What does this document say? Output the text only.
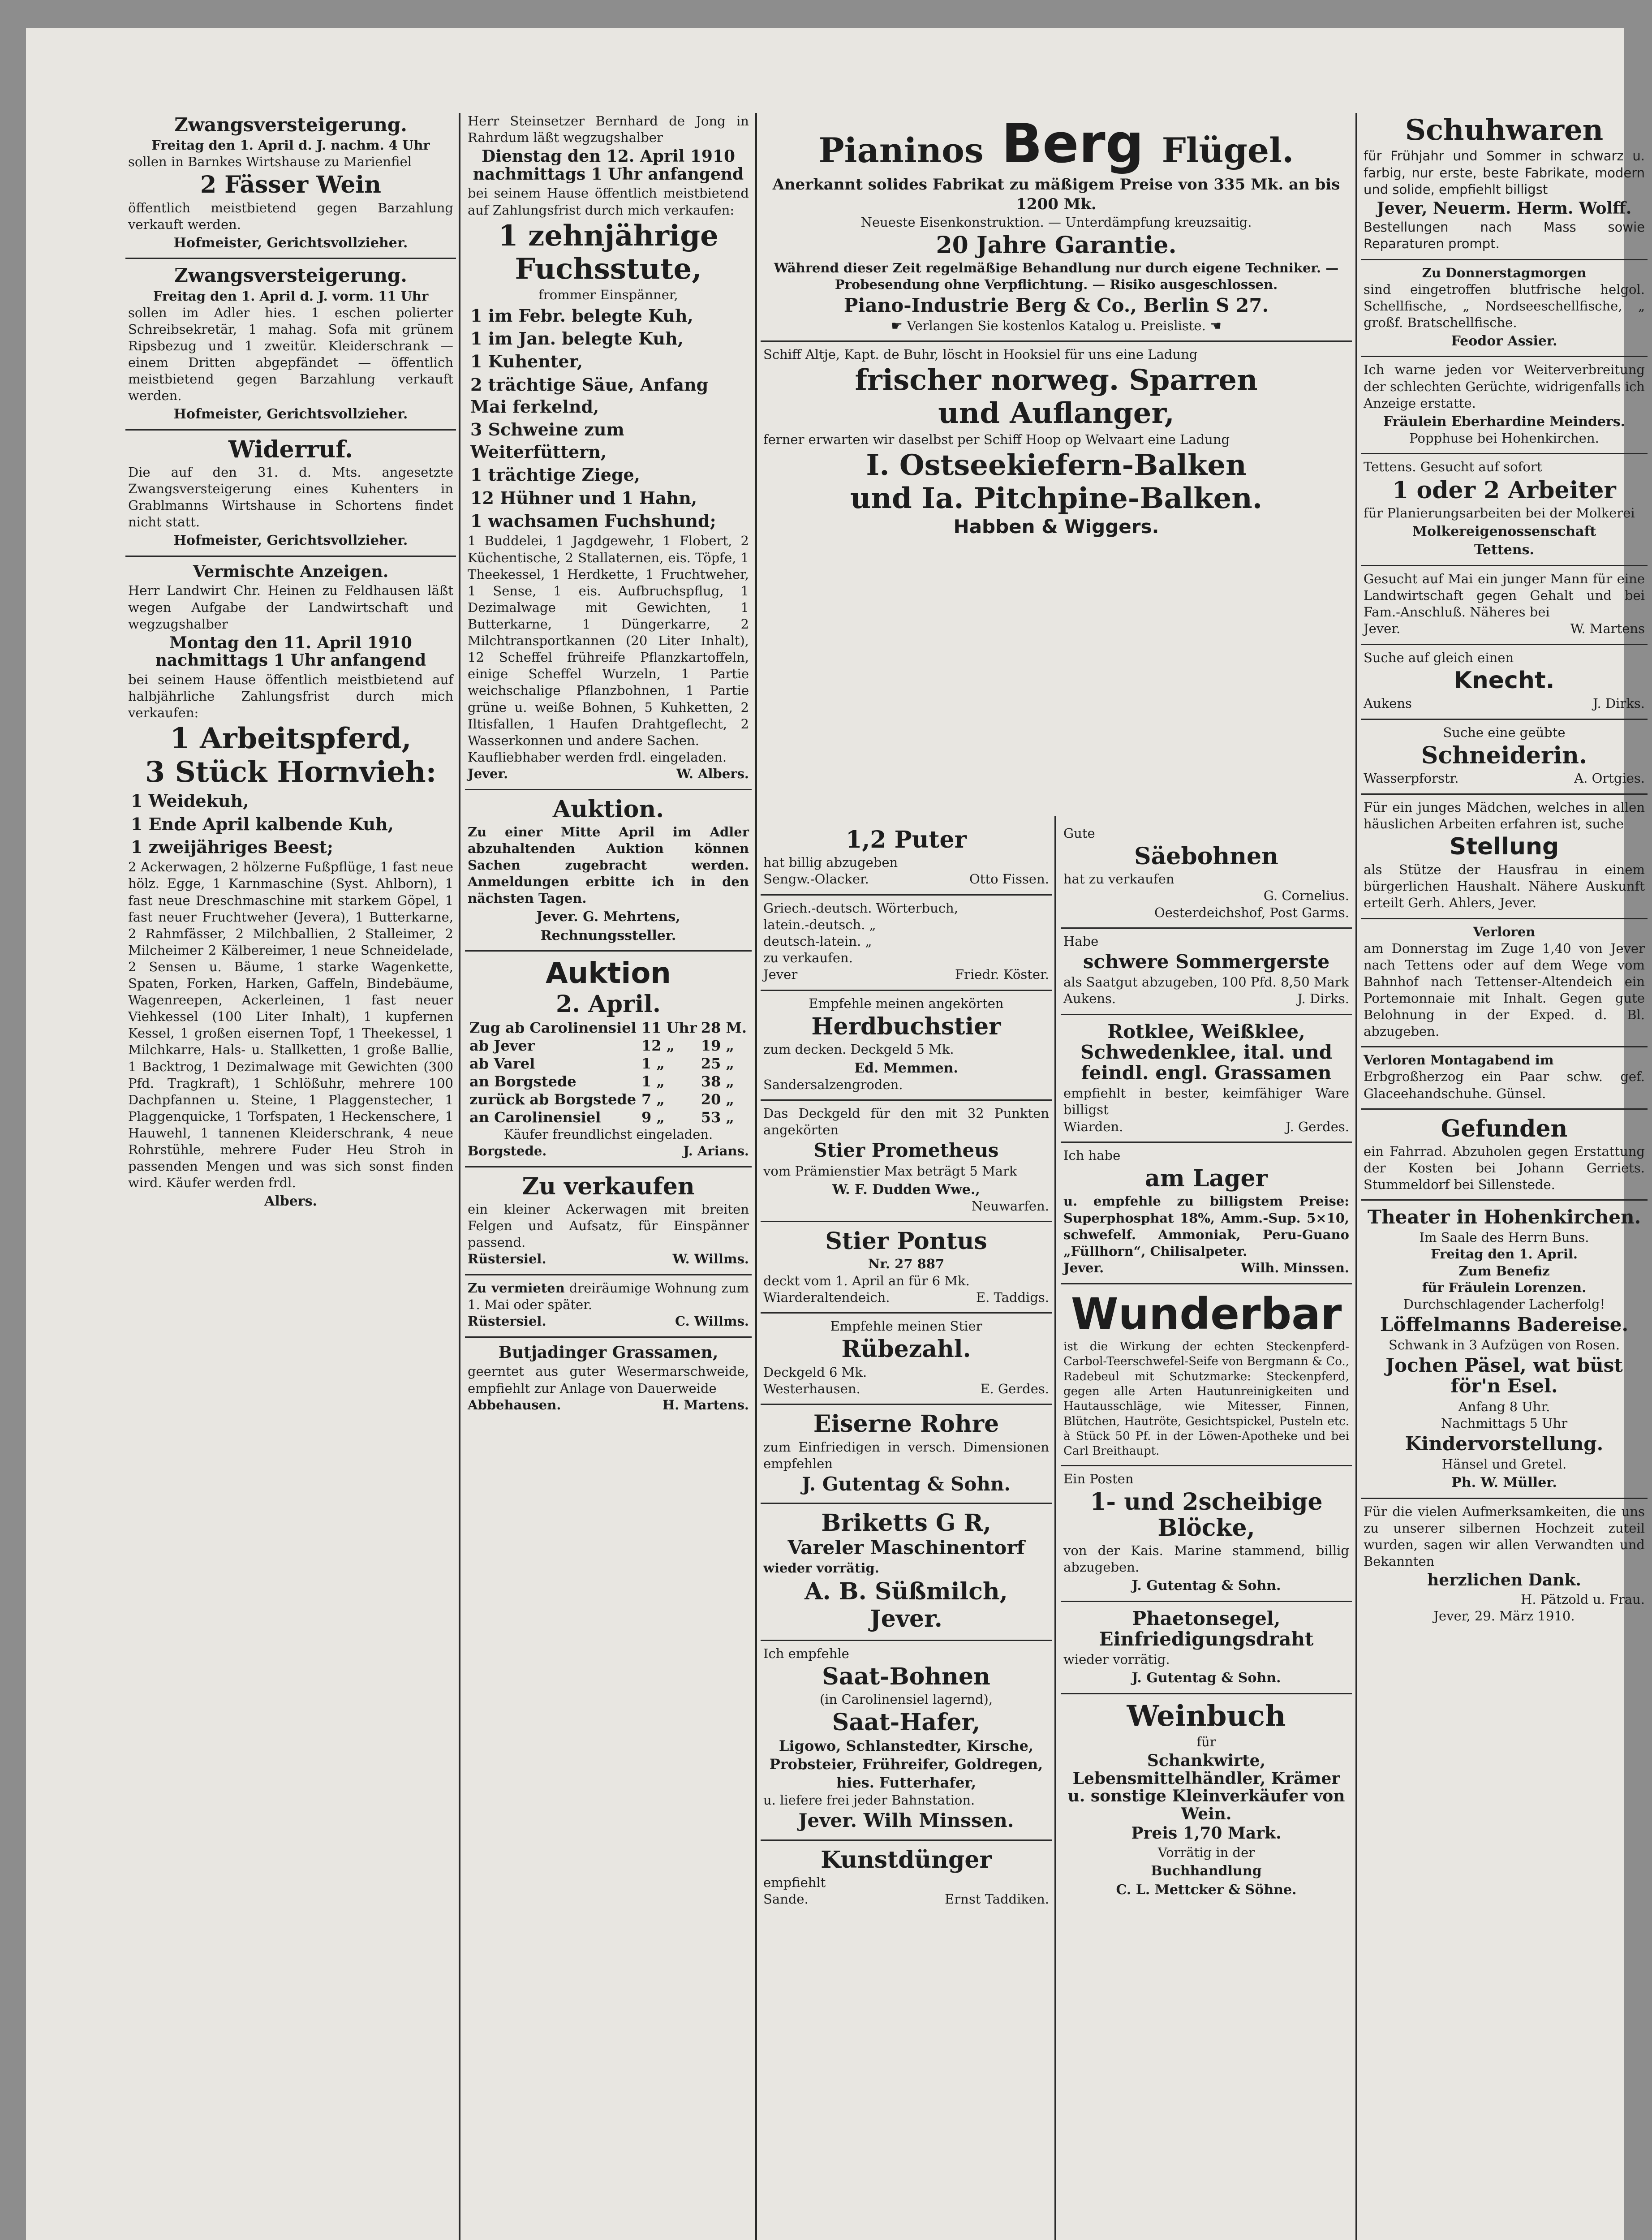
Zwangsversteigerung.

Freitag den 1. April d. J. nachm. 4 Uhr

sollen in Barnkes Wirtshause zu Marienfiel

2 Fässer Wein

öffentlich meistbietend gegen Barzahlung verkauft werden.

Hofmeister, Gerichtsvollzieher.
Zwangsversteigerung.

Freitag den 1. April d. J. vorm. 11 Uhr

sollen im Adler hies. 1 eschen polierter Schreibsekretär, 1 mahag. Sofa mit grünem Ripsbezug und 1 zweitür. Kleiderschrank — einem Dritten abgepfändet — öffentlich meistbietend gegen Barzahlung verkauft werden.

Hofmeister, Gerichtsvollzieher.
Widerruf.

Die auf den 31. d. Mts. angesetzte Zwangsversteigerung eines Kuhenters in Grablmanns Wirtshause in Schortens findet nicht statt.

Hofmeister, Gerichtsvollzieher.
Vermischte Anzeigen.

Herr Landwirt Chr. Heinen zu Feldhausen läßt wegen Aufgabe der Landwirtschaft und wegzugshalber

Montag den 11. April 1910 nachmittags 1 Uhr anfangend

bei seinem Hause öffentlich meistbietend auf halbjährliche Zahlungsfrist durch mich verkaufen:

1 Arbeitspferd,
3 Stück Hornvieh:
1 Weidekuh,
1 Ende April kalbende Kuh,
1 zweijähriges Beest;

2 Ackerwagen, 2 hölzerne Fußpflüge, 1 fast neue hölz. Egge, 1 Karnmaschine (Syst. Ahlborn), 1 fast neue Dreschmaschine mit starkem Göpel, 1 fast neuer Fruchtweher (Jevera), 1 Butterkarne, 2 Rahmfässer, 2 Milchballien, 2 Stalleimer, 2 Milcheimer 2 Kälbereimer, 1 neue Schneidelade, 2 Sensen u. Bäume, 1 starke Wagenkette, Spaten, Forken, Harken, Gaffeln, Bindebäume, Wagenreepen, Ackerleinen, 1 fast neuer Viehkessel (100 Liter Inhalt), 1 kupfernen Kessel, 1 großen eisernen Topf, 1 Theekessel, 1 Milchkarre, Hals- u. Stallketten, 1 große Ballie, 1 Backtrog, 1 Dezimalwage mit Gewichten (300 Pfd. Tragkraft), 1 Schlößuhr, mehrere 100 Dachpfannen u. Steine, 1 Plaggenstecher, 1 Plaggenquicke, 1 Torfspaten, 1 Heckenschere, 1 Hauwehl, 1 tannenen Kleiderschrank, 4 neue Rohrstühle, mehrere Fuder Heu Stroh in passenden Mengen und was sich sonst finden wird. Käufer werden frdl.

Albers.

Herr Steinsetzer Bernhard de Jong in Rahrdum läßt wegzugshalber

Dienstag den 12. April 1910 nachmittags 1 Uhr anfangend

bei seinem Hause öffentlich meistbietend auf Zahlungsfrist durch mich verkaufen:

1 zehnjährige
Fuchsstute,

frommer Einspänner,

1 im Febr. belegte Kuh,
1 im Jan. belegte Kuh,
1 Kuhenter,
2 trächtige Säue, Anfang Mai ferkelnd,
3 Schweine zum Weiterfüttern,
1 trächtige Ziege,
12 Hühner und 1 Hahn,
1 wachsamen Fuchshund;

1 Buddelei, 1 Jagdgewehr, 1 Flobert, 2 Küchentische, 2 Stallaternen, eis. Töpfe, 1 Theekessel, 1 Herdkette, 1 Fruchtweher, 1 Sense, 1 eis. Aufbruchspflug, 1 Dezimalwage mit Gewichten, 1 Butterkarne, 1 Düngerkarre, 2 Milchtransportkannen (20 Liter Inhalt), 12 Scheffel frühreife Pflanzkartoffeln, einige Scheffel Wurzeln, 1 Partie weichschalige Pflanzbohnen, 1 Partie grüne u. weiße Bohnen, 5 Kuhketten, 2 Iltisfallen, 1 Haufen Drahtgeflecht, 2 Wasserkonnen und andere Sachen.

Kaufliebhaber werden frdl. eingeladen.

Jever.	W. Albers.
Auktion.

Zu einer Mitte April im Adler abzuhaltenden Auktion können Sachen zugebracht werden. Anmeldungen erbitte ich in den nächsten Tagen.

Jever. G. Mehrtens,
Rechnungssteller.
Auktion
2. April.
Zug ab Carolinensiel	11 Uhr	28 M.
ab Jever	12 „	19 „
ab Varel	1 „	25 „
an Borgstede	1 „	38 „
zurück ab Borgstede	7 „	20 „
an Carolinensiel	9 „	53 „

Käufer freundlichst eingeladen.

Borgstede.	J. Arians.
Zu verkaufen

ein kleiner Ackerwagen mit breiten Felgen und Aufsatz, für Einspänner passend.

Rüstersiel.	W. Willms.

Zu vermieten dreiräumige Wohnung zum 1. Mai oder später.

Rüstersiel.	C. Willms.
Butjadinger Grassamen,

geerntet aus guter Wesermarschweide, empfiehlt zur Anlage von Dauerweide

Abbehausen.	H. Martens.
Pianinos Berg Flügel.

Anerkannt solides Fabrikat zu mäßigem Preise von 335 Mk. an bis 1200 Mk.

Neueste Eisenkonstruktion. — Unterdämpfung kreuzsaitig.

20 Jahre Garantie.

Während dieser Zeit regelmäßige Behandlung nur durch eigene Techniker. — Probesendung ohne Verpflichtung. — Risiko ausgeschlossen.

Piano-Industrie Berg & Co., Berlin S 27.

☛ Verlangen Sie kostenlos Katalog u. Preisliste. ☚

Schiff Altje, Kapt. de Buhr, löscht in Hooksiel für uns eine Ladung

frischer norweg. Sparren
und Auflanger,

ferner erwarten wir daselbst per Schiff Hoop op Welvaart eine Ladung

I. Ostseekiefern-Balken
und Ia. Pitchpine-Balken.
Habben & Wiggers.
1,2 Puter

hat billig abzugeben

Sengw.-Olacker.	Otto Fissen.

Griech.-deutsch. Wörterbuch,

latein.-deutsch. „

deutsch-latein. „

zu verkaufen.

Jever	Friedr. Köster.

Empfehle meinen angekörten

Herdbuchstier

zum decken. Deckgeld 5 Mk.

Ed. Memmen.

Sandersalzengroden.

Das Deckgeld für den mit 32 Punkten angekörten

Stier Prometheus

vom Prämienstier Max beträgt 5 Mark

W. F. Dudden Wwe.,
Neuwarfen.
Stier Pontus

Nr. 27 887

deckt vom 1. April an für 6 Mk.

Wiarderaltendeich.	E. Taddigs.

Empfehle meinen Stier

Rübezahl.

Deckgeld 6 Mk.

Westerhausen.	E. Gerdes.
Eiserne Rohre

zum Einfriedigen in versch. Dimensionen empfehlen

J. Gutentag & Sohn.
Briketts G R,
Vareler Maschinentorf

wieder vorrätig.

A. B. Süßmilch,
Jever.

Ich empfehle

Saat-Bohnen

(in Carolinensiel lagernd),

Saat-Hafer,

Ligowo, Schlanstedter, Kirsche, Probsteier, Frühreifer, Goldregen, hies. Futterhafer,

u. liefere frei jeder Bahnstation.

Jever. Wilh Minssen.
Kunstdünger

empfiehlt

Sande.	Ernst Taddiken.

Gute

Säebohnen

hat zu verkaufen

G. Cornelius.
Oesterdeichshof, Post Garms.

Habe

schwere Sommergerste

als Saatgut abzugeben, 100 Pfd. 8,50 Mark

Aukens.	J. Dirks.
Rotklee, Weißklee, Schwedenklee, ital. und feindl. engl. Grassamen

empfiehlt in bester, keimfähiger Ware billigst

Wiarden.	J. Gerdes.

Ich habe

am Lager

u. empfehle zu billigstem Preise: Superphosphat 18%, Amm.-Sup. 5×10, schwefelf. Ammoniak, Peru-Guano „Füllhorn“, Chilisalpeter.

Jever.	Wilh. Minssen.
Wunderbar

ist die Wirkung der echten Steckenpferd-Carbol-Teerschwefel-Seife von Bergmann & Co., Radebeul mit Schutzmarke: Steckenpferd, gegen alle Arten Hautunreinigkeiten und Hautausschläge, wie Mitesser, Finnen, Blütchen, Hautröte, Gesichtspickel, Pusteln etc. à Stück 50 Pf. in der Löwen-Apotheke und bei Carl Breithaupt.

Ein Posten

1- und 2scheibige Blöcke,

von der Kais. Marine stammend, billig abzugeben.

J. Gutentag & Sohn.
Phaetonsegel, Einfriedigungsdraht

wieder vorrätig.

J. Gutentag & Sohn.
Weinbuch

für

Schankwirte, Lebensmittelhändler, Krämer u. sonstige Kleinverkäufer von Wein.
Preis 1,70 Mark.

Vorrätig in der

Buchhandlung
C. L. Mettcker & Söhne.
Schuhwaren

für Frühjahr und Sommer in schwarz u. farbig, nur erste, beste Fabrikate, modern und solide, empfiehlt billigst

Jever, Neuerm. Herm. Wolff.

Bestellungen nach Mass sowie Reparaturen prompt.

Zu Donnerstagmorgen

sind eingetroffen blutfrische helgol. Schellfische, „ Nordseeschellfische, „ großf. Bratschellfische.

Feodor Assier.

Ich warne jeden vor Weiterverbreitung der schlechten Gerüchte, widrigenfalls ich Anzeige erstatte.

Fräulein Eberhardine Meinders.
Popphuse bei Hohenkirchen.

Tettens. Gesucht auf sofort

1 oder 2 Arbeiter

für Planierungsarbeiten bei der Molkerei

Molkereigenossenschaft
Tettens.

Gesucht auf Mai ein junger Mann für eine Landwirtschaft gegen Gehalt und bei Fam.-Anschluß. Näheres bei

Jever.	W. Martens

Suche auf gleich einen

Knecht.
Aukens	J. Dirks.

Suche eine geübte

Schneiderin.
Wasserpforstr.	A. Ortgies.

Für ein junges Mädchen, welches in allen häuslichen Arbeiten erfahren ist, suche

Stellung

als Stütze der Hausfrau in einem bürgerlichen Haushalt. Nähere Auskunft erteilt Gerh. Ahlers, Jever.

Verloren

am Donnerstag im Zuge 1,40 von Jever nach Tettens oder auf dem Wege vom Bahnhof nach Tettenser-Altendeich ein Portemonnaie mit Inhalt. Gegen gute Belohnung in der Exped. d. Bl. abzugeben.

Verloren Montagabend im

Erbgroßherzog ein Paar schw. gef. Glaceehandschuhe. Günsel.

Gefunden

ein Fahrrad. Abzuholen gegen Erstattung der Kosten bei Johann Gerriets. Stummeldorf bei Sillenstede.

Theater in Hohenkirchen.

Im Saale des Herrn Buns.

Freitag den 1. April.

Zum Benefiz

für Fräulein Lorenzen.

Durchschlagender Lacherfolg!

Löffelmanns Badereise.

Schwank in 3 Aufzügen von Rosen.

Jochen Päsel, wat büst för'n Esel.

Anfang 8 Uhr.

Nachmittags 5 Uhr

Kindervorstellung.

Hänsel und Gretel.

Ph. W. Müller.

Für die vielen Aufmerksamkeiten, die uns zu unserer silbernen Hochzeit zuteil wurden, sagen wir allen Verwandten und Bekannten

herzlichen Dank.
H. Pätzold u. Frau.
Jever, 29. März 1910.
